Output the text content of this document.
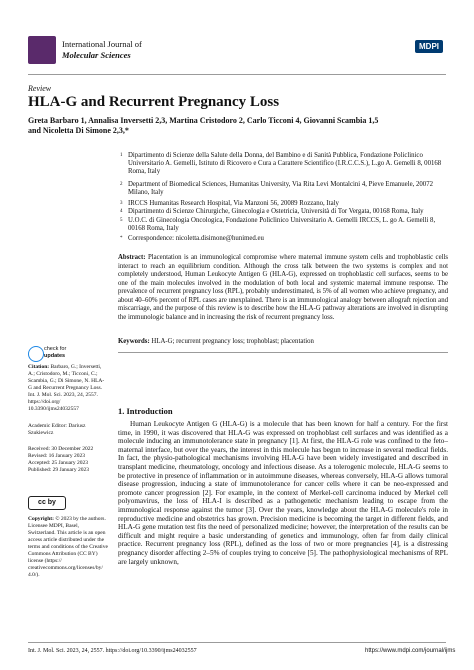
International Journal of
Molecular Sciences
MDPI
Review
HLA-G and Recurrent Pregnancy Loss
Greta Barbaro 1, Annalisa Inversetti 2,3, Martina Cristodoro 2, Carlo Ticconi 4, Giovanni Scambia 1,5
and Nicoletta Di Simone 2,3,*
1 Dipartimento di Scienze della Salute della Donna, del Bambino e di Sanità Pubblica, Fondazione Policlinico Universitario A. Gemelli, Istituto di Ricovero e Cura a Carattere Scientifico (I.R.C.C.S.), L.go A. Gemelli 8, 00168 Roma, Italy
2 Department of Biomedical Sciences, Humanitas University, Via Rita Levi Montalcini 4, Pieve Emanuele, 20072 Milano, Italy
3 IRCCS Humanitas Research Hospital, Via Manzoni 56, 20089 Rozzano, Italy
4 Dipartimento di Scienze Chirurgiche, Ginecologia e Ostetricia, Università di Tor Vergata, 00168 Roma, Italy
5 U.O.C. di Ginecologia Oncologica, Fondazione Policlinico Universitario A. Gemelli IRCCS, L. go A. Gemelli 8, 00168 Roma, Italy
* Correspondence: nicoletta.disimone@hunimed.eu
Abstract: Placentation is an immunological compromise where maternal immune system cells and trophoblastic cells interact to reach an equilibrium condition. Although the cross talk between the two systems is complex and not completely understood, Human Leukocyte Antigen G (HLA-G), expressed on trophoblastic cell surfaces, seems to be one of the main molecules involved in the modulation of both local and systemic maternal immune response. The prevalence of recurrent pregnancy loss (RPL), probably underestimated, is 5% of all women who achieve pregnancy, and about 40–60% percent of RPL cases are unexplained. There is an immunological analogy between allograft rejection and miscarriage, and the purpose of this review is to describe how the HLA-G pathway alterations are involved in disrupting the immunologic balance and in increasing the risk of recurrent pregnancy loss.
Keywords: HLA-G; recurrent pregnancy loss; trophoblast; placentation
check for
updates
Citation: Barbaro, G.; Inversetti, A.; Cristodoro, M.; Ticconi, C.; Scambia, G.; Di Simone, N. HLA-G and Recurrent Pregnancy Loss. Int. J. Mol. Sci. 2023, 24, 2557. https://doi.org/ 10.3390/ijms24032557
Academic Editor: Dariusz
Szukiewicz
Received: 30 December 2022
Revised: 16 January 2023
Accepted: 25 January 2023
Published: 29 January 2023
cc by
Copyright: © 2023 by the authors. Licensee MDPI, Basel, Switzerland. This article is an open access article distributed under the terms and conditions of the Creative Commons Attribution (CC BY) license (https:// creativecommons.org/licenses/by/ 4.0/).
1. Introduction

Human Leukocyte Antigen G (HLA-G) is a molecule that has been known for half a century. For the first time, in 1990, it was discovered that HLA-G was expressed on trophoblast cell surfaces and was identified as a molecule inducing an immunotolerance state in pregnancy [1]. At first, the HLA-G role was confined to the feto–maternal interface, but over the years, the interest in this molecule has begun to increase in several medical fields. In fact, the physio-pathological mechanisms involving HLA-G have been widely investigated and described in transplant medicine, rheumatology, oncology and infectious disease. As a tolerogenic molecule, HLA-G seems to be protective in presence of inflammation or in autoimmune diseases, whereas conversely, HLA-G allows tumoral disease progression, inducing a state of immunotolerance for cancer cells where it can be neo-expressed and promote cancer progression [2]. For example, in the context of Merkel-cell carcinoma induced by Merkel cell polyomavirus, the loss of HLA-I is described as a pathogenetic mechanism leading to escape from the immunological response against the tumor [3]. Over the years, knowledge about the HLA-G molecule's role in reproductive medicine and obstetrics has grown. Precision medicine is becoming the target in different fields, and HLA-G gene mutation test fits the need of personalized medicine; however, the interpretation of the results can be difficult and might require a basic understanding of genetics and immunology, often far from daily clinical practice. Recurrent pregnancy loss (RPL), defined as the loss of two or more pregnancies [4], is a distressing pregnancy disorder affecting 2–5% of couples trying to conceive [5]. The pathophysiological mechanisms of RPL are largely unknown,

Int. J. Mol. Sci. 2023, 24, 2557. https://doi.org/10.3390/ijms24032557	https://www.mdpi.com/journal/ijms
